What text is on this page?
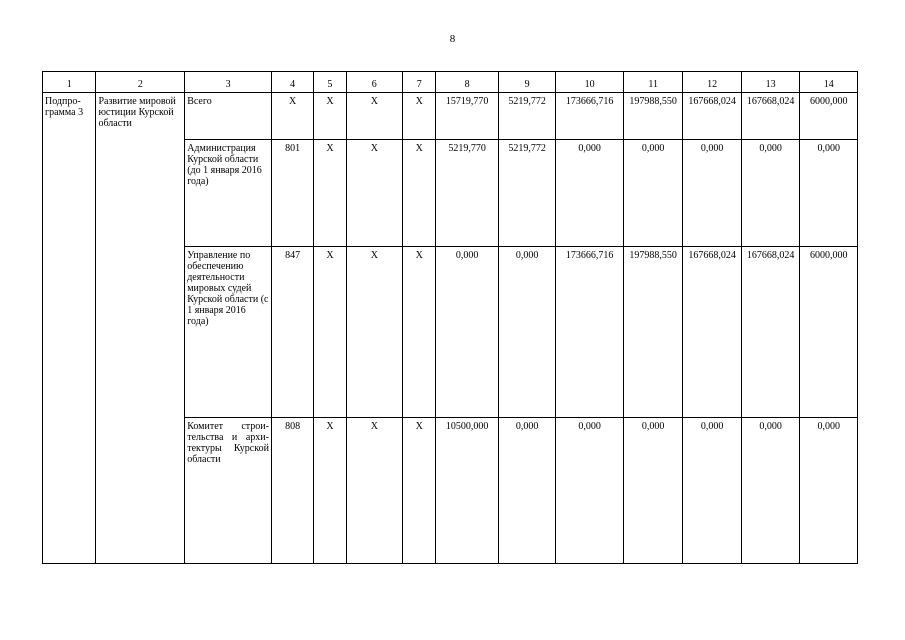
8
1	2	3	4	5	6	7	8	9	10	11	12	13	14
Подпро-
грамма 3	Развитие мировой юстиции Курской области	Всего	Х	Х	Х	Х	15719,770	5219,772	173666,716	197988,550	167668,024	167668,024	6000,000
		Администрация Курской области (до 1 января 2016 года)	801	Х	Х	Х	5219,770	5219,772	0,000	0,000	0,000	0,000	0,000
		Управление по обеспечению деятельности мировых судей Курской области (с 1 января 2016 года)	847	Х	Х	Х	0,000	0,000	173666,716	197988,550	167668,024	167668,024	6000,000
		Комитет строи-тельства и архи-тектуры Курской области	808	Х	Х	Х	10500,000	0,000	0,000	0,000	0,000	0,000	0,000
